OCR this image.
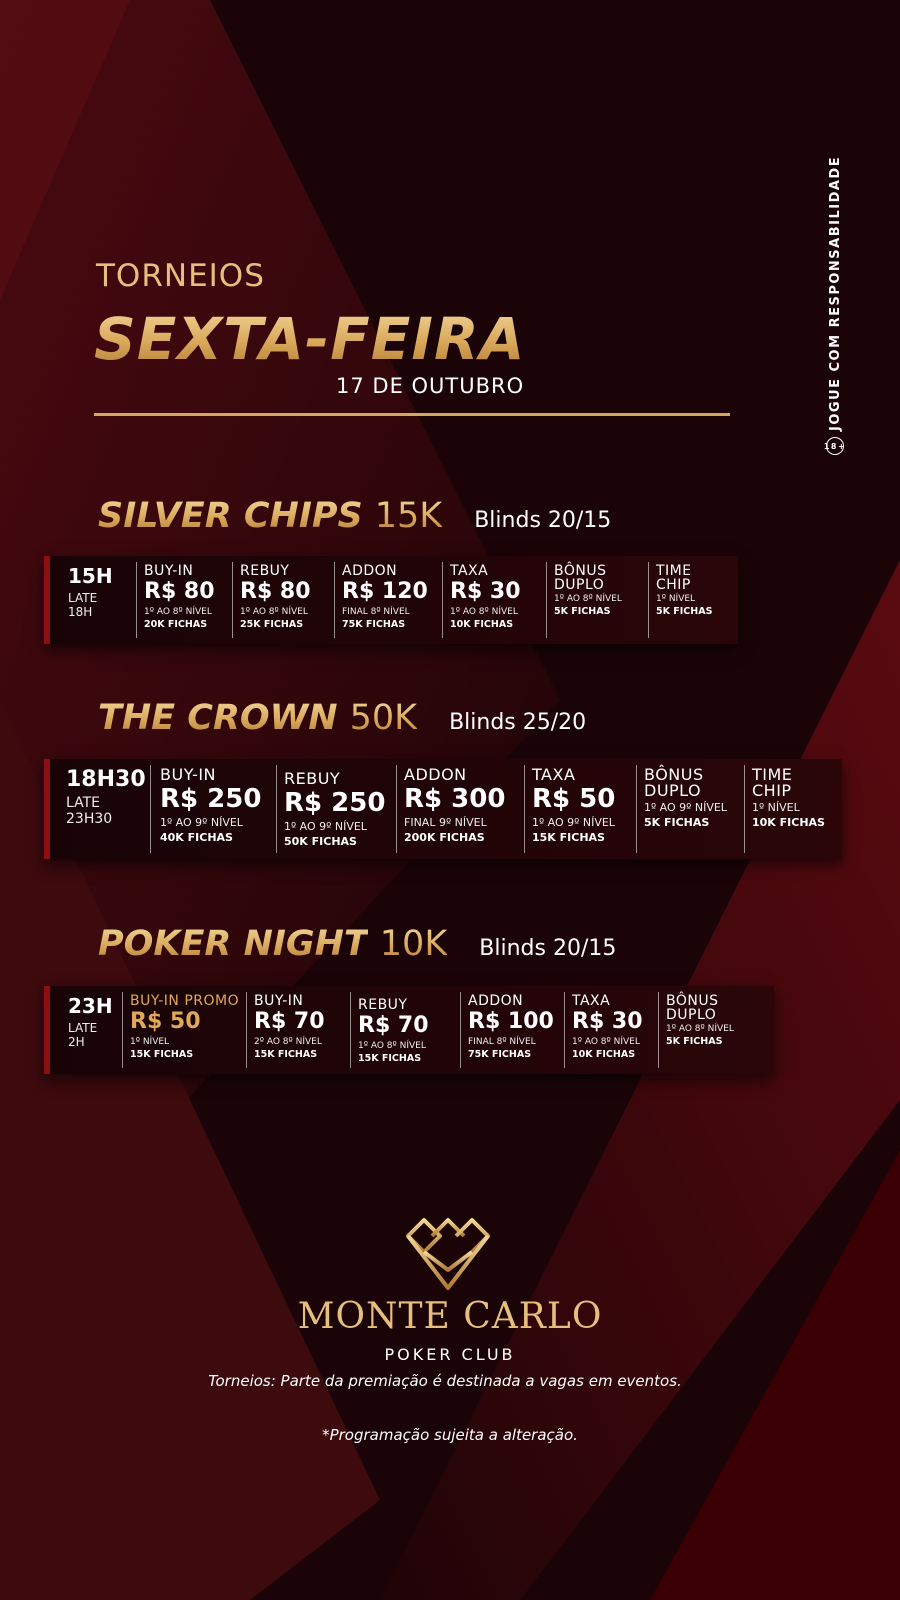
18+
JOGUE COM RESPONSABILIDADE
TORNEIOS
SEXTA-FEIRA
17 DE OUTUBRO
SILVER CHIPS 15K Blinds 20/15
15H
LATE
18H
BUY-IN
R$ 80
1º AO 8º NÍVEL
20K FICHAS
REBUY
R$ 80
1º AO 8º NÍVEL
25K FICHAS
ADDON
R$ 120
FINAL 8º NÍVEL
75K FICHAS
TAXA
R$ 30
1º AO 8º NÍVEL
10K FICHAS
BÔNUS
DUPLO
1º AO 8º NÍVEL
5K FICHAS
TIME
CHIP
1º NÍVEL
5K FICHAS
THE CROWN 50K Blinds 25/20
18H30
LATE
23H30
BUY-IN
R$ 250
1º AO 9º NÍVEL
40K FICHAS
REBUY
R$ 250
1º AO 9º NÍVEL
50K FICHAS
ADDON
R$ 300
FINAL 9º NÍVEL
200K FICHAS
TAXA
R$ 50
1º AO 9º NÍVEL
15K FICHAS
BÔNUS
DUPLO
1º AO 9º NÍVEL
5K FICHAS
TIME
CHIP
1º NÍVEL
10K FICHAS
POKER NIGHT 10K Blinds 20/15
23H
LATE
2H
BUY-IN PROMO
R$ 50
1º NÍVEL
15K FICHAS
BUY-IN
R$ 70
2º AO 8º NÍVEL
15K FICHAS
REBUY
R$ 70
1º AO 8º NÍVEL
15K FICHAS
ADDON
R$ 100
FINAL 8º NÍVEL
75K FICHAS
TAXA
R$ 30
1º AO 8º NÍVEL
10K FICHAS
BÔNUS
DUPLO
1º AO 8º NÍVEL
5K FICHAS
MONTE CARLO
POKER CLUB
Torneios: Parte da premiação é destinada a vagas em eventos.
*Programação sujeita a alteração.
